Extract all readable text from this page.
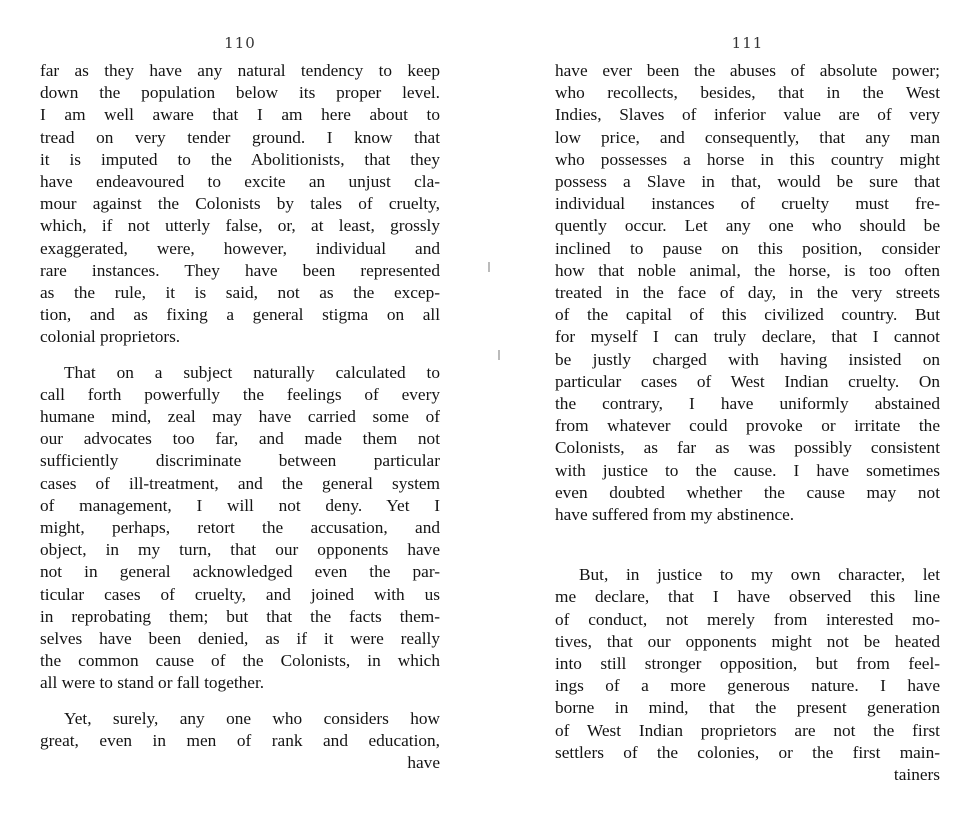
110
far as they have any natural tendency to keep
down the population below its proper level.
I am well aware that I am here about to
tread on very tender ground. I know that
it is imputed to the Abolitionists, that they
have endeavoured to excite an unjust cla-
mour against the Colonists by tales of cruelty,
which, if not utterly false, or, at least, grossly
exaggerated, were, however, individual and
rare instances. They have been represented
as the rule, it is said, not as the excep-
tion, and as fixing a general stigma on all
colonial proprietors.
That on a subject naturally calculated to
call forth powerfully the feelings of every
humane mind, zeal may have carried some of
our advocates too far, and made them not
sufficiently discriminate between particular
cases of ill-treatment, and the general system
of management, I will not deny. Yet I
might, perhaps, retort the accusation, and
object, in my turn, that our opponents have
not in general acknowledged even the par-
ticular cases of cruelty, and joined with us
in reprobating them; but that the facts them-
selves have been denied, as if it were really
the common cause of the Colonists, in which
all were to stand or fall together.
Yet, surely, any one who considers how
great, even in men of rank and education,
have
111
have ever been the abuses of absolute power;
who recollects, besides, that in the West
Indies, Slaves of inferior value are of very
low price, and consequently, that any man
who possesses a horse in this country might
possess a Slave in that, would be sure that
individual instances of cruelty must fre-
quently occur. Let any one who should be
inclined to pause on this position, consider
how that noble animal, the horse, is too often
treated in the face of day, in the very streets
of the capital of this civilized country. But
for myself I can truly declare, that I cannot
be justly charged with having insisted on
particular cases of West Indian cruelty. On
the contrary, I have uniformly abstained
from whatever could provoke or irritate the
Colonists, as far as was possibly consistent
with justice to the cause. I have sometimes
even doubted whether the cause may not
have suffered from my abstinence.
But, in justice to my own character, let
me declare, that I have observed this line
of conduct, not merely from interested mo-
tives, that our opponents might not be heated
into still stronger opposition, but from feel-
ings of a more generous nature. I have
borne in mind, that the present generation
of West Indian proprietors are not the first
settlers of the colonies, or the first main-
tainers
